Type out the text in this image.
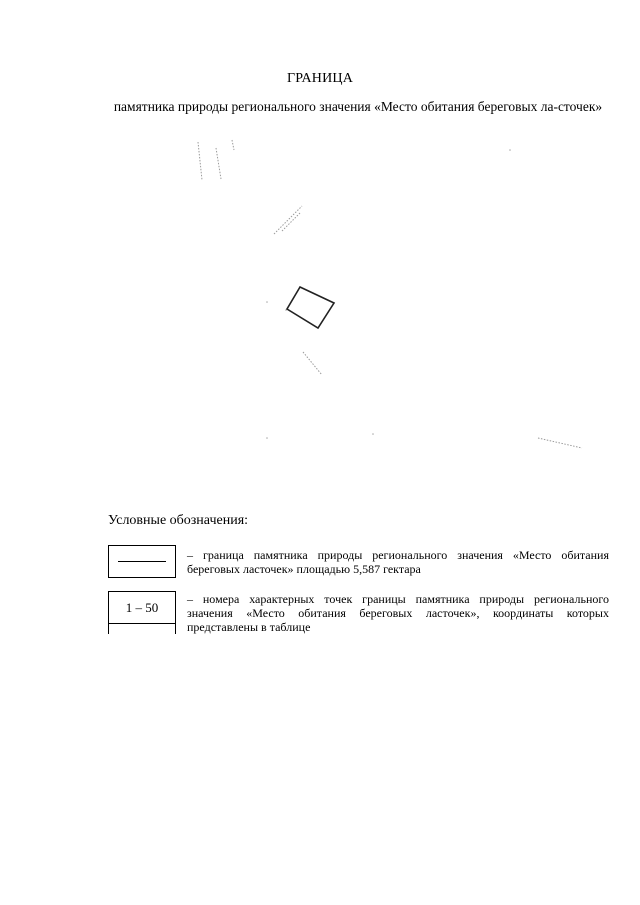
ГРАНИЦА
памятника природы регионального значения «Место обитания береговых ла-сточек»
Условные обозначения:
– граница памятника природы регионального значения «Место обитания береговых ласточек» площадью 5,587 гектара
1 – 50
– номера характерных точек границы памятника природы регионального значения «Место обитания береговых ласточек», координаты которых представлены в таблице
